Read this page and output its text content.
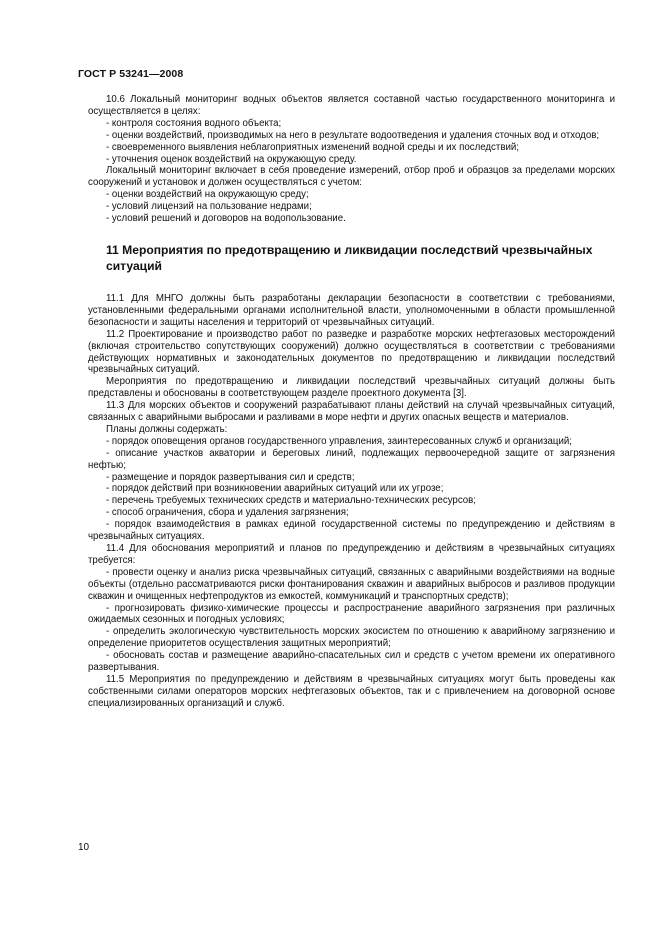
ГОСТ Р 53241—2008

10.6 Локальный мониторинг водных объектов является составной частью государственного мониторинга и осуществляется в целях:

- контроля состояния водного объекта;

- оценки воздействий, производимых на него в результате водоотведения и удаления сточных вод и отходов;

- своевременного выявления неблагоприятных изменений водной среды и их последствий;

- уточнения оценок воздействий на окружающую среду.

Локальный мониторинг включает в себя проведение измерений, отбор проб и образцов за пределами морских сооружений и установок и должен осуществляться с учетом:

- оценки воздействий на окружающую среду;

- условий лицензий на пользование недрами;

- условий решений и договоров на водопользование.

11 Мероприятия по предотвращению и ликвидации последствий чрезвычайных ситуаций

11.1 Для МНГО должны быть разработаны декларации безопасности в соответствии с требованиями, установленными федеральными органами исполнительной власти, уполномоченными в области промышленной безопасности и защиты населения и территорий от чрезвычайных ситуаций.

11.2 Проектирование и производство работ по разведке и разработке морских нефтегазовых месторождений (включая строительство сопутствующих сооружений) должно осуществляться в соответствии с требованиями действующих нормативных и законодательных документов по предотвращению и ликвидации последствий чрезвычайных ситуаций.

Мероприятия по предотвращению и ликвидации последствий чрезвычайных ситуаций должны быть представлены и обоснованы в соответствующем разделе проектного документа [3].

11.3 Для морских объектов и сооружений разрабатывают планы действий на случай чрезвычайных ситуаций, связанных с аварийными выбросами и разливами в море нефти и других опасных веществ и материалов.

Планы должны содержать:

- порядок оповещения органов государственного управления, заинтересованных служб и организаций;

- описание участков акватории и береговых линий, подлежащих первоочередной защите от загрязнения нефтью;

- размещение и порядок развертывания сил и средств;

- порядок действий при возникновении аварийных ситуаций или их угрозе;

- перечень требуемых технических средств и материально-технических ресурсов;

- способ ограничения, сбора и удаления загрязнения;

- порядок взаимодействия в рамках единой государственной системы по предупреждению и действиям в чрезвычайных ситуациях.

11.4 Для обоснования мероприятий и планов по предупреждению и действиям в чрезвычайных ситуациях требуется:

- провести оценку и анализ риска чрезвычайных ситуаций, связанных с аварийными воздействиями на водные объекты (отдельно рассматриваются риски фонтанирования скважин и аварийных выбросов и разливов продукции скважин и очищенных нефтепродуктов из емкостей, коммуникаций и транспортных средств);

- прогнозировать физико-химические процессы и распространение аварийного загрязнения при различных ожидаемых сезонных и погодных условиях;

- определить экологическую чувствительность морских экосистем по отношению к аварийному загрязнению и определение приоритетов осуществления защитных мероприятий;

- обосновать состав и размещение аварийно-спасательных сил и средств с учетом времени их оперативного развертывания.

11.5 Мероприятия по предупреждению и действиям в чрезвычайных ситуациях могут быть проведены как собственными силами операторов морских нефтегазовых объектов, так и с привлечением на договорной основе специализированных организаций и служб.

10
